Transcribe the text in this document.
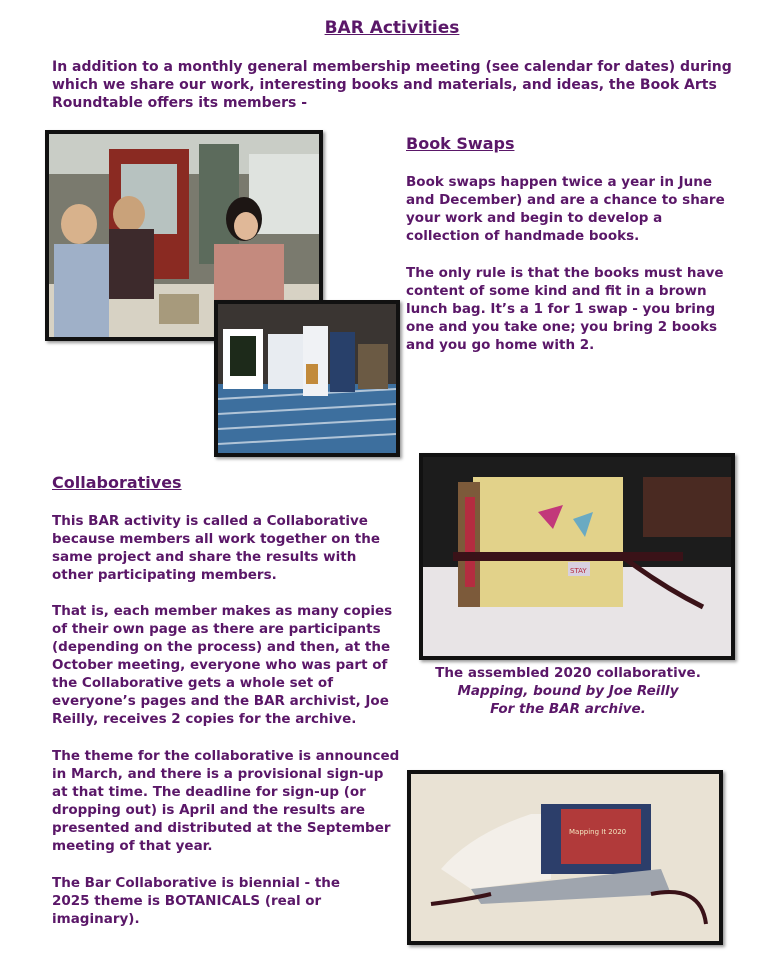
BAR Activities
In addition to a monthly general membership meeting (see calendar for dates) during which we share our work, interesting books and materials, and ideas, the Book Arts Roundtable offers its members -
Book Swaps

Book swaps happen twice a year in June and December) and are a chance to share your work and begin to develop a collection of handmade books.

The only rule is that the books must have content of some kind and fit in a brown lunch bag. It’s a 1 for 1 swap - you bring one and you take one; you bring 2 books and you go home with 2.

STAY
The assembled 2020 collaborative.
Mapping, bound by Joe Reilly
For the BAR archive.
Collaboratives

This BAR activity is called a Collaborative because members all work together on the same project and share the results with other participating members.

That is, each member makes as many copies of their own page as there are participants (depending on the process) and then, at the October meeting, everyone who was part of the Collaborative gets a whole set of everyone’s pages and the BAR archivist, Joe Reilly, receives 2 copies for the archive.

The theme for the collaborative is announced in March, and there is a provisional sign-up at that time. The deadline for sign-up (or dropping out) is April and the results are presented and distributed at the September meeting of that year.

The Bar Collaborative is biennial - the 2025 theme is BOTANICALS (real or imaginary).

Mapping It 2020
